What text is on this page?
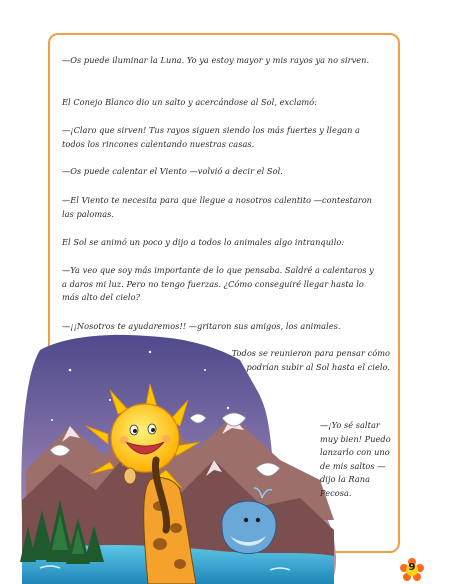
—Os puede iluminar la Luna. Yo ya estoy mayor y mis rayos ya no sirven.

El Conejo Blanco dio un salto y acercándose al Sol, exclamó:

—¡Claro que sirven! Tus rayos siguen siendo los más fuertes y llegan a todos los rincones calentando nuestras casas.

—Os puede calentar el Viento —volvió a decir el Sol.

—El Viento te necesita para que llegue a nosotros calentito —contestaron las palomas.

El Sol se animó un poco y dijo a todos lo animales algo intranquilo:

—Ya veo que soy más importante de lo que pensaba. Saldré a calentaros y a daros mi luz. Pero no tengo fuerzas. ¿Cómo conseguiré llegar hasta lo más alto del cielo?

—¡¡Nosotros te ayudaremos!! —gritaron sus amigos, los animales.

Todos se reunieron para pensar cómo podrían subir al Sol hasta el cielo.

—¡Yo sé saltar muy bien! Puedo lanzarlo con uno de mis saltos —dijo la Rana Pecosa.

9
